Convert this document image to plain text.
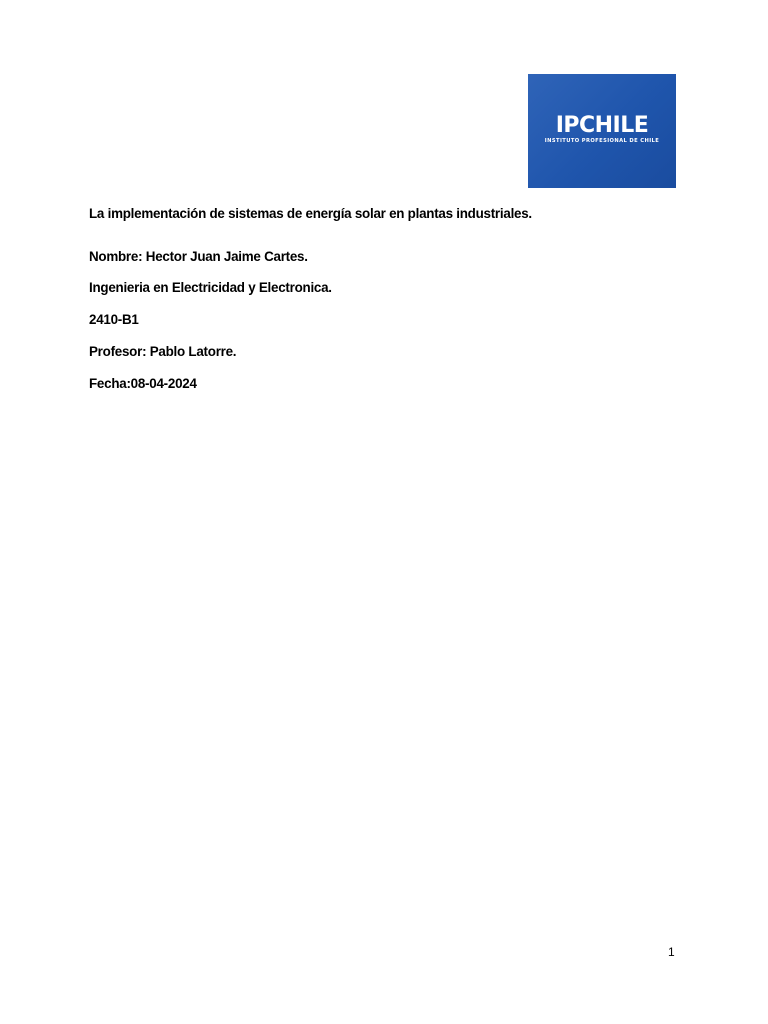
IPCHILE
INSTITUTO PROFESIONAL DE CHILE
La implementación de sistemas de energía solar en plantas industriales.
Nombre: Hector Juan Jaime Cartes.
Ingenieria en Electricidad y Electronica.
2410-B1
Profesor: Pablo Latorre.
Fecha:08-04-2024
1
